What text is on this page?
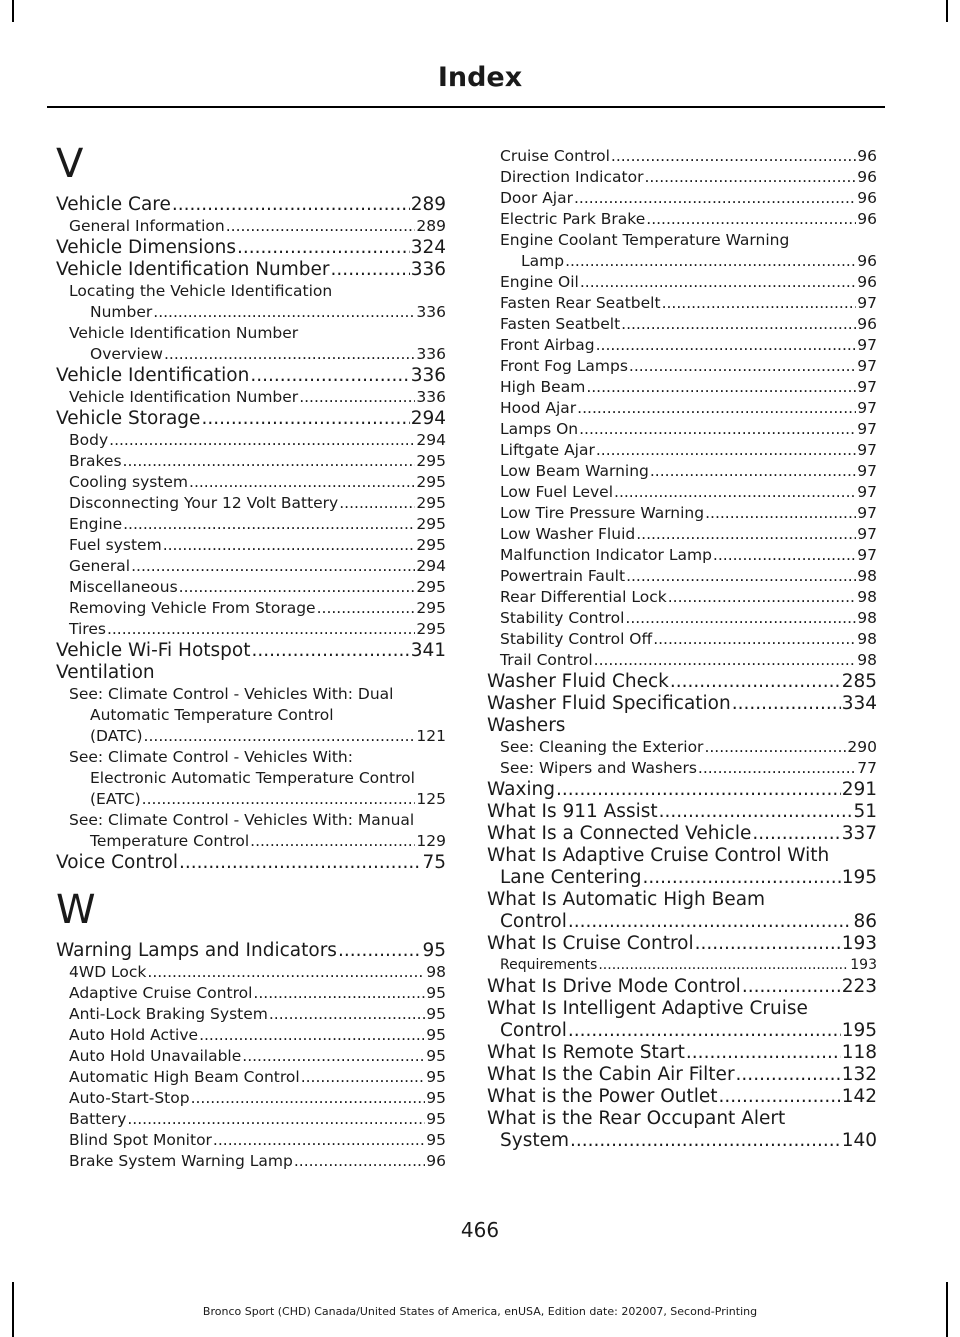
Index
V
Vehicle Care .....	289
General Information .....	289
Vehicle Dimensions .....	324
Vehicle Identification Number .....	336
Locating the Vehicle Identification
Number .....	336
Vehicle Identification Number
Overview .....	336
Vehicle Identification .....	336
Vehicle Identification Number .....	336
Vehicle Storage .....	294
Body .....	294
Brakes .....	295
Cooling system .....	295
Disconnecting Your 12 Volt Battery .....	295
Engine .....	295
Fuel system .....	295
General .....	294
Miscellaneous .....	295
Removing Vehicle From Storage .....	295
Tires .....	295
Vehicle Wi-Fi Hotspot .....	341
Ventilation
See: Climate Control - Vehicles With: Dual
Automatic Temperature Control
(DATC) .....	121
See: Climate Control - Vehicles With:
Electronic Automatic Temperature Control
(EATC) .....	125
See: Climate Control - Vehicles With: Manual
Temperature Control .....	129
Voice Control .....	75
W
Warning Lamps and Indicators .....	95
4WD Lock .....	98
Adaptive Cruise Control .....	95
Anti-Lock Braking System .....	95
Auto Hold Active .....	95
Auto Hold Unavailable .....	95
Automatic High Beam Control .....	95
Auto-Start-Stop .....	95
Battery .....	95
Blind Spot Monitor .....	95
Brake System Warning Lamp .....	96
Cruise Control .....	96
Direction Indicator .....	96
Door Ajar .....	96
Electric Park Brake .....	96
Engine Coolant Temperature Warning
Lamp .....	96
Engine Oil .....	96
Fasten Rear Seatbelt .....	97
Fasten Seatbelt .....	96
Front Airbag .....	97
Front Fog Lamps .....	97
High Beam .....	97
Hood Ajar .....	97
Lamps On .....	97
Liftgate Ajar .....	97
Low Beam Warning .....	97
Low Fuel Level .....	97
Low Tire Pressure Warning .....	97
Low Washer Fluid .....	97
Malfunction Indicator Lamp .....	97
Powertrain Fault .....	98
Rear Differential Lock .....	98
Stability Control .....	98
Stability Control Off .....	98
Trail Control .....	98
Washer Fluid Check .....	285
Washer Fluid Specification .....	334
Washers
See: Cleaning the Exterior .....	290
See: Wipers and Washers .....	77
Waxing .....	291
What Is 911 Assist .....	51
What Is a Connected Vehicle .....	337
What Is Adaptive Cruise Control With
Lane Centering .....	195
What Is Automatic High Beam
Control .....	86
What Is Cruise Control .....	193
Requirements .....	193
What Is Drive Mode Control .....	223
What Is Intelligent Adaptive Cruise
Control .....	195
What Is Remote Start .....	118
What Is the Cabin Air Filter .....	132
What is the Power Outlet .....	142
What is the Rear Occupant Alert
System .....	140
466
Bronco Sport (CHD) Canada/United States of America, enUSA, Edition date: 202007, Second-Printing
